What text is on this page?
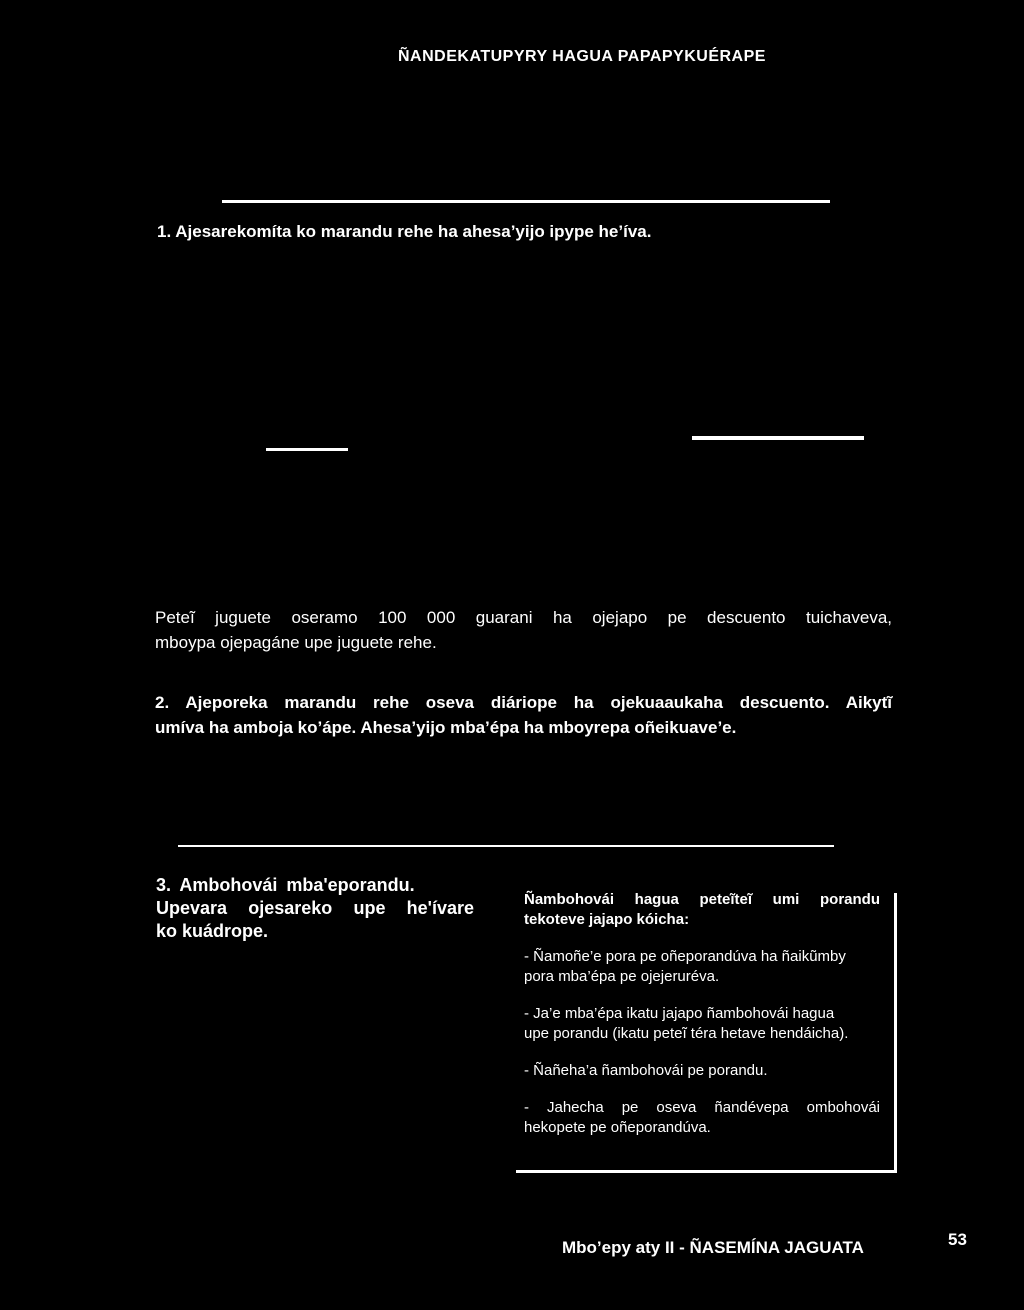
ÑANDEKATUPYRY HAGUA PAPAPYKUÉRAPE
1. Ajesarekomíta ko marandu rehe ha ahesa’yijo ipype he’íva.
Peteĩ juguete oseramo 100 000 guarani ha ojejapo pe descuento tuichaveva,
mboypa ojepagáne upe juguete rehe.
2. Ajeporeka marandu rehe oseva diáriope ha ojekuaaukaha descuento. Aikytĩ
umíva ha amboja ko’ápe. Ahesa’yijo mba’épa ha mboyrepa oñeikuave’e.
3. Ambohovái mba'eporandu.
Upevara ojesareko upe he'ívare
ko kuádrope.

Ñambohovái hagua peteĩteĩ umi porandu

tekoteve jajapo kóicha:

- Ñamoñe’e pora pe oñeporandúva ha ñaikũmby

pora mba’épa pe ojejeruréva.

- Ja’e mba’épa ikatu jajapo ñambohovái hagua

upe porandu (ikatu peteĩ téra hetave hendáicha).

- Ñañeha’a ñambohovái pe porandu.

- Jahecha pe oseva ñandévepa ombohovái

hekopete pe oñeporandúva.

Mbo’epy aty II - ÑASEMÍNA JAGUATA	53
